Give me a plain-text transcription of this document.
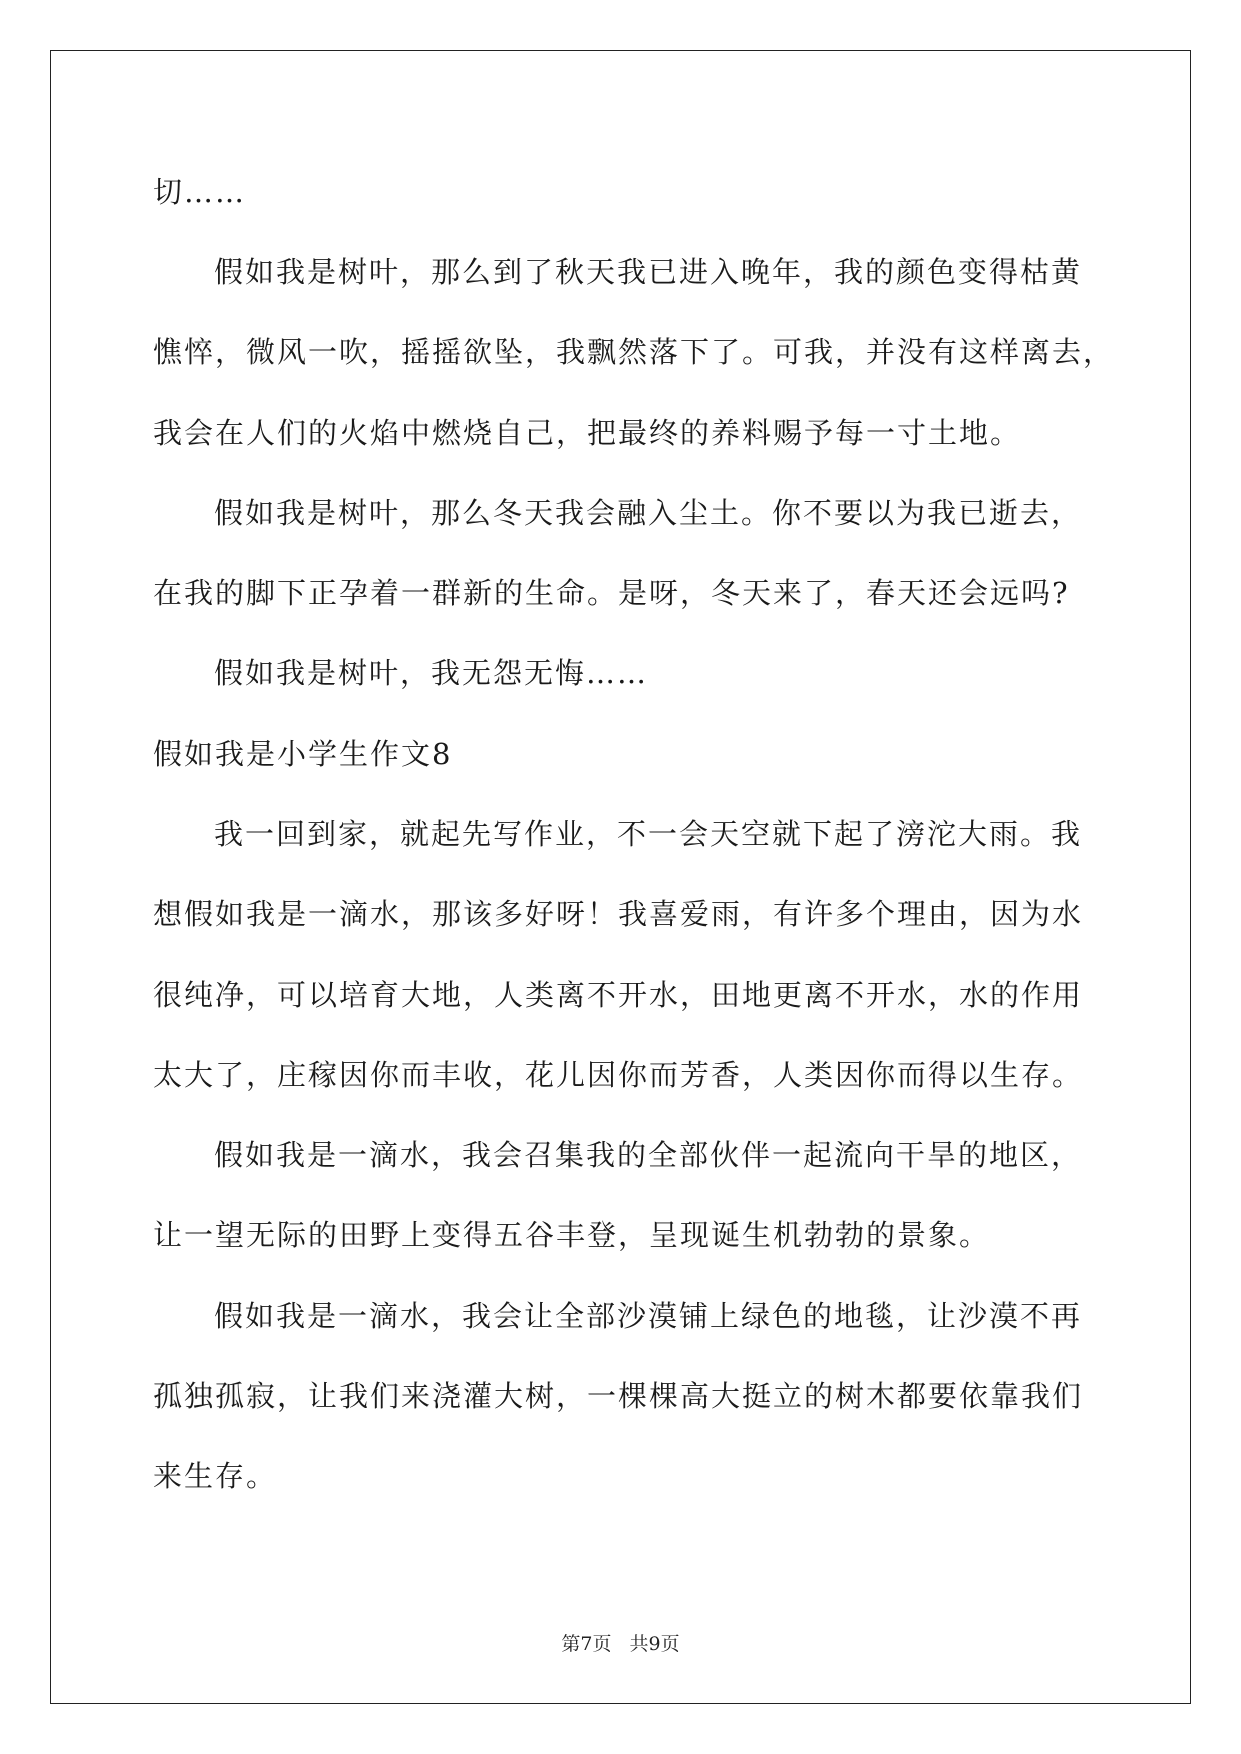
切……
假如我是树叶，那么到了秋天我已进入晚年，我的颜色变得枯黄
憔悴，微风一吹，摇摇欲坠，我飘然落下了。可我，并没有这样离去，
我会在人们的火焰中燃烧自己，把最终的养料赐予每一寸土地。
假如我是树叶，那么冬天我会融入尘土。你不要以为我已逝去，
在我的脚下正孕着一群新的生命。是呀，冬天来了，春天还会远吗?
假如我是树叶，我无怨无悔……
假如我是小学生作文8
我一回到家，就起先写作业，不一会天空就下起了滂沱大雨。我
想假如我是一滴水，那该多好呀！我喜爱雨，有许多个理由，因为水
很纯净，可以培育大地，人类离不开水，田地更离不开水，水的作用
太大了，庄稼因你而丰收，花儿因你而芳香，人类因你而得以生存。
假如我是一滴水，我会召集我的全部伙伴一起流向干旱的地区，
让一望无际的田野上变得五谷丰登，呈现诞生机勃勃的景象。
假如我是一滴水，我会让全部沙漠铺上绿色的地毯，让沙漠不再
孤独孤寂，让我们来浇灌大树，一棵棵高大挺立的树木都要依靠我们
来生存。
第7页 共9页
